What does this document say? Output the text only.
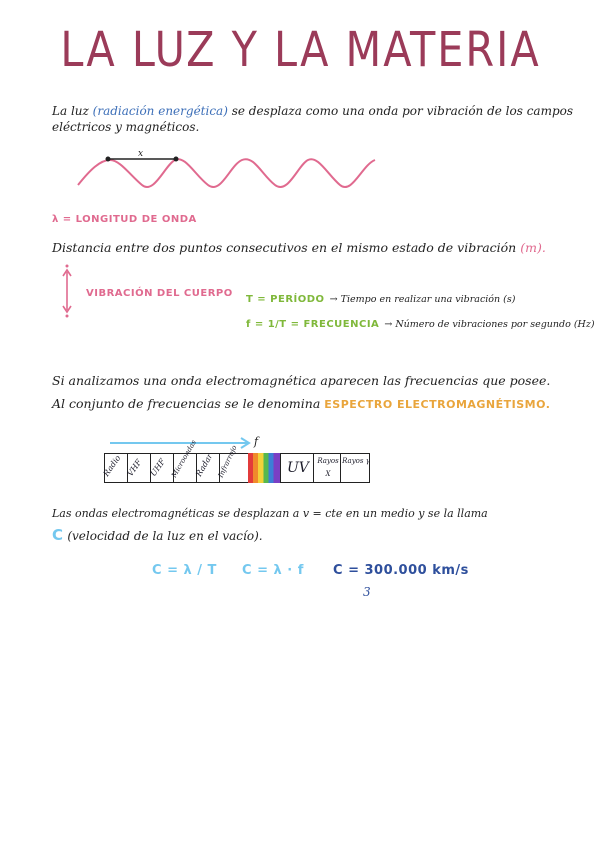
LA LUZ Y LA MATERIA
La luz (radiación energética) se desplaza como una onda por vibración de los campos
eléctricos y magnéticos.
x
λ = LONGITUD DE ONDA
Distancia entre dos puntos consecutivos en el mismo estado de vibración (m).
VIBRACIÓN DEL CUERPO
T = PERÍODO → Tiempo en realizar una vibración (s)
f = 1/T = FRECUENCIA → Número de vibraciones por segundo (Hz)
Si analizamos una onda electromagnética aparecen las frecuencias que posee.
Al conjunto de frecuencias se le denomina ESPECTRO ELECTROMAGNÉTISMO.
f
Radio VHF UHF Microondas
Radar Infrarrojo	UV	Rayos X
Rayos γ
Las ondas electromagnéticas se desplazan a v = cte en un medio y se la llama
C (velocidad de la luz en el vacío).
C = λ / T C = λ · f C = 300.000 km/s
3
